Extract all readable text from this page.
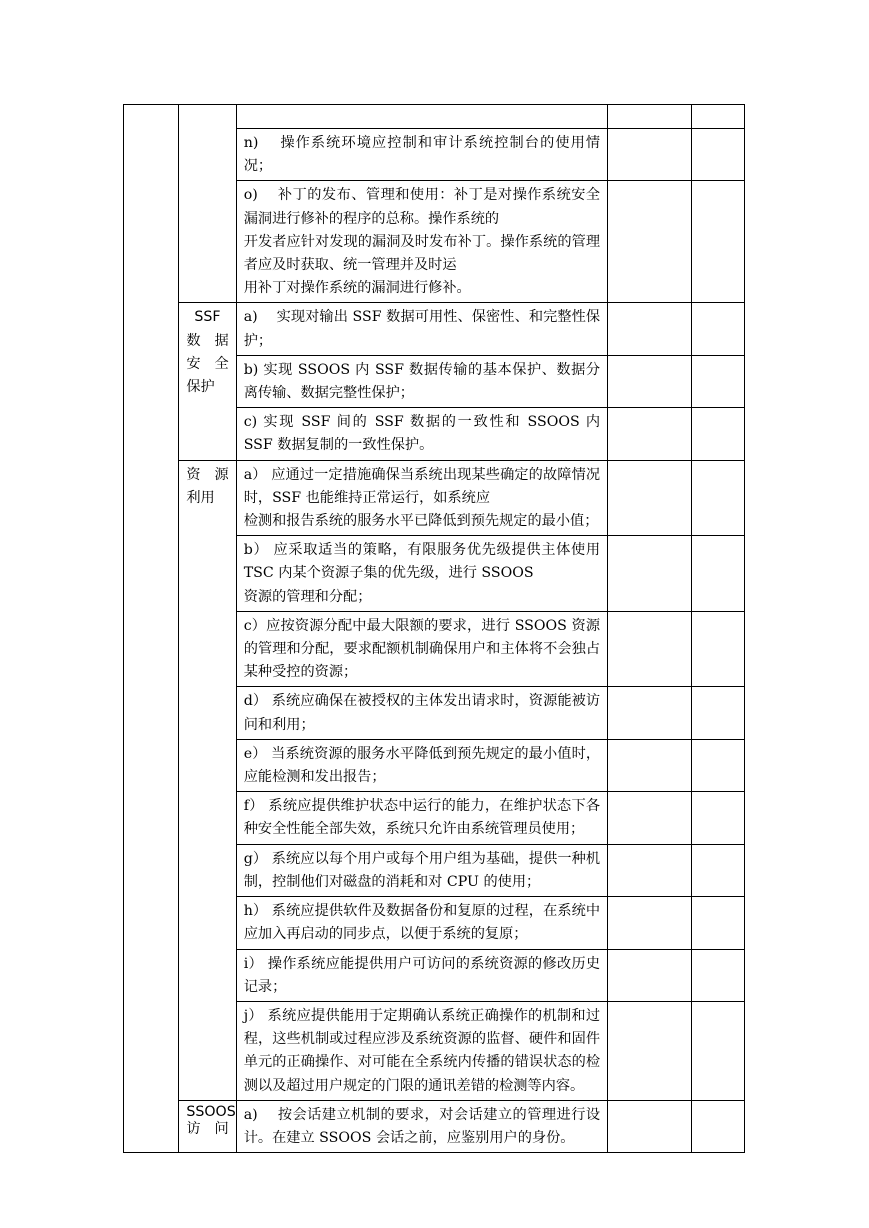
		n)　 操作系统环境应控制和审计系统控制台的使用情况；		

		o)　 补丁的发布、管理和使用：补丁是对操作系统安全漏洞进行修补的程序的总称。操作系统的
开发者应针对发现的漏洞及时发布补丁。操作系统的管理者应及时获取、统一管理并及时运
用补丁对操作系统的漏洞进行修补。		

	SSF
数 据
安 全
保护	a)　 实现对输出 SSF 数据可用性、保密性、和完整性保护；		

		b) 实现 SSOOS 内 SSF 数据传输的基本保护、数据分离传输、数据完整性保护；		

		c) 实现 SSF 间的 SSF 数据的一致性和 SSOOS 内 SSF 数据复制的一致性保护。		

	资 源
利用	a） 应通过一定措施确保当系统出现某些确定的故障情况时，SSF 也能维持正常运行，如系统应
检测和报告系统的服务水平已降低到预先规定的最小值；		

		b） 应采取适当的策略，有限服务优先级提供主体使用 TSC 内某个资源子集的优先级，进行 SSOOS
资源的管理和分配；		

		c）应按资源分配中最大限额的要求，进行 SSOOS 资源的管理和分配，要求配额机制确保用户和主体将不会独占某种受控的资源；		

		d） 系统应确保在被授权的主体发出请求时，资源能被访问和利用；		

		e） 当系统资源的服务水平降低到预先规定的最小值时，应能检测和发出报告；		

		f） 系统应提供维护状态中运行的能力，在维护状态下各种安全性能全部失效，系统只允许由系统管理员使用；		

		g） 系统应以每个用户或每个用户组为基础，提供一种机制，控制他们对磁盘的消耗和对 CPU 的使用；		

		h） 系统应提供软件及数据备份和复原的过程，在系统中应加入再启动的同步点，以便于系统的复原；		

		i） 操作系统应能提供用户可访问的系统资源的修改历史记录；		

		j） 系统应提供能用于定期确认系统正确操作的机制和过程，这些机制或过程应涉及系统资源的监督、硬件和固件单元的正确操作、对可能在全系统内传播的错误状态的检测以及超过用户规定的门限的通讯差错的检测等内容。		

	SSOOS
访 问	a)　 按会话建立机制的要求，对会话建立的管理进行设计。在建立 SSOOS 会话之前，应鉴别用户的身份。		
